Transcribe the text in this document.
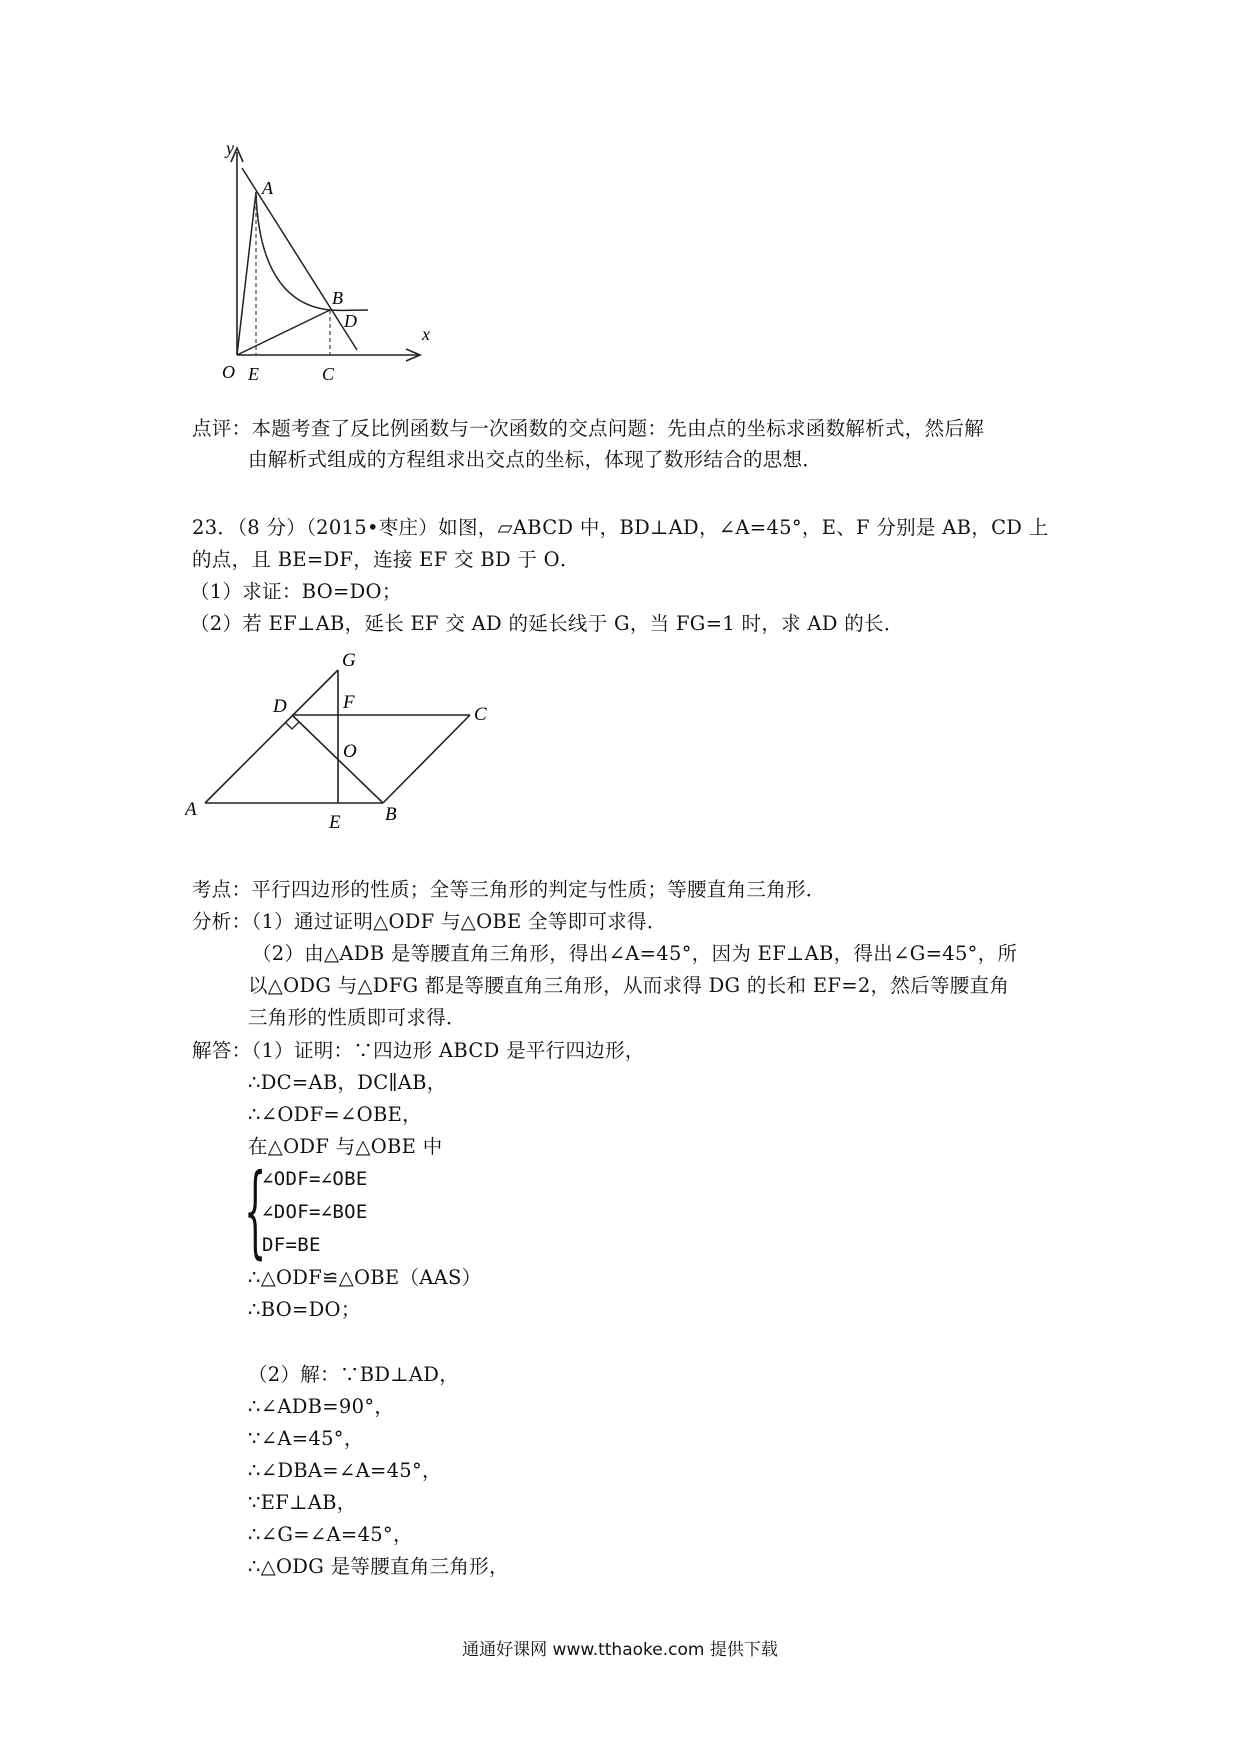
y
x
A
B
D
O E	C
点评：本题考查了反比例函数与一次函数的交点问题：先由点的坐标求函数解析式，然后解
由解析式组成的方程组求出交点的坐标，体现了数形结合的思想．
23．（8 分）（2015•枣庄）如图，▱ABCD 中，BD⊥AD，∠A=45°，E、F 分别是 AB，CD 上
的点，且 BE=DF，连接 EF 交 BD 于 O．
（1）求证：BO=DO；
（2）若 EF⊥AB，延长 EF 交 AD 的延长线于 G，当 FG=1 时，求 AD 的长．
G
D	F
C
O
A
E B
考点：平行四边形的性质；全等三角形的判定与性质；等腰直角三角形．
分析：（1）通过证明△ODF 与△OBE 全等即可求得．
（2）由△ADB 是等腰直角三角形，得出∠A=45°，因为 EF⊥AB，得出∠G=45°，所
以△ODG 与△DFG 都是等腰直角三角形，从而求得 DG 的长和 EF=2，然后等腰直角
三角形的性质即可求得．
解答：（1）证明：∵四边形 ABCD 是平行四边形，
∴DC=AB，DC∥AB，
∴∠ODF=∠OBE，
在△ODF 与△OBE 中
{
∠ODF=∠OBE
∠DOF=∠BOE
DF=BE
∴△ODF≌△OBE（AAS）
∴BO=DO；
（2）解：∵BD⊥AD，
∴∠ADB=90°，
∵∠A=45°，
∴∠DBA=∠A=45°，
∵EF⊥AB，
∴∠G=∠A=45°，
∴△ODG 是等腰直角三角形，
通通好课网 www.tthaoke.com 提供下载
